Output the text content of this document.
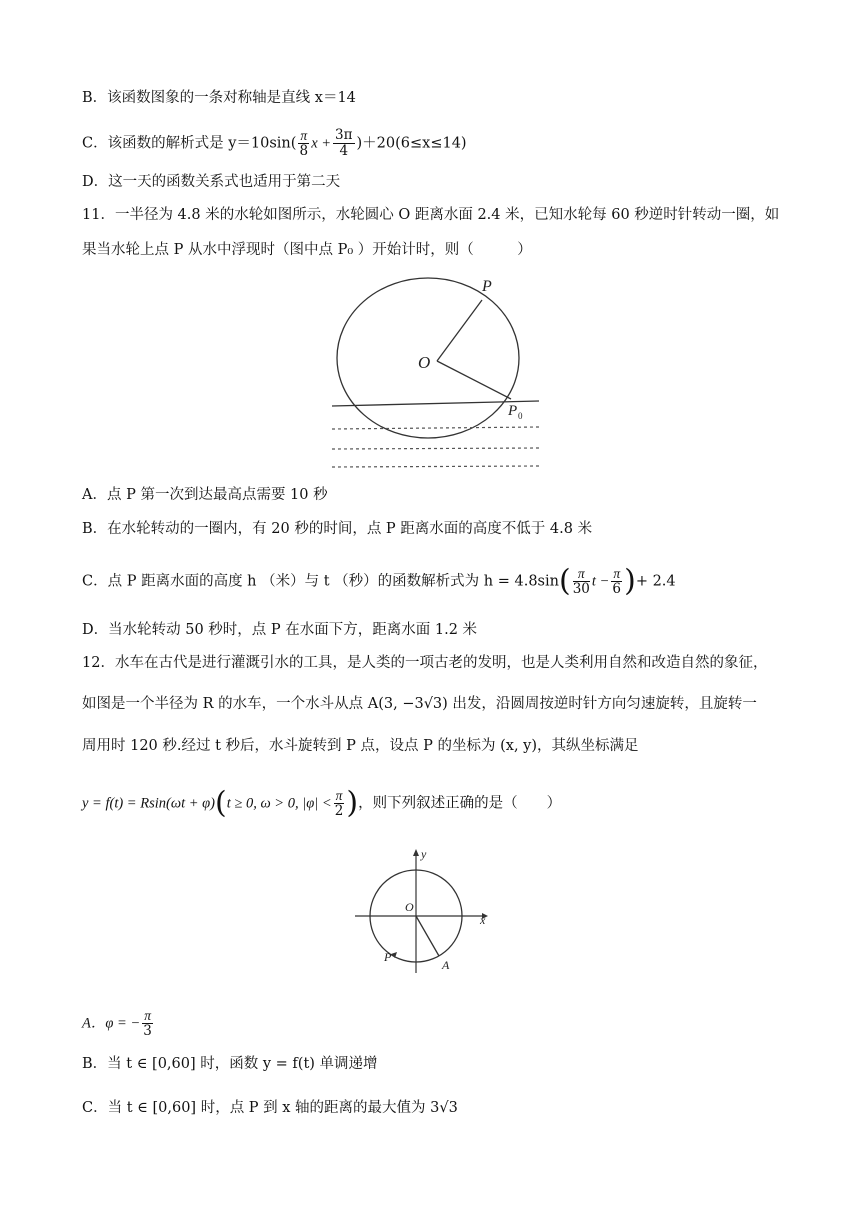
B．该函数图象的一条对称轴是直线 x＝14
C．该函数的解析式是 $y=10\sin( \frac{\pi}{8}$ $x + \frac{3\pi}{4} )+20(6\le x\le 14)$
D．这一天的函数关系式也适用于第二天
11．一半径为 4.8 米的水轮如图所示，水轮圆心 O 距离水面 2.4 米，已知水轮每 60 秒逆时针转动一圈，如
果当水轮上点 P 从水中浮现时（图中点 P₀ ）开始计时，则（　　　）
P
O
P 0
A．点 P 第一次到达最高点需要 10 秒
B．在水轮转动的一圈内，有 20 秒的时间，点 P 距离水面的高度不低于 4.8 米
C．点 P 距离水面的高度 h （米）与 t （秒）的函数解析式为 $h = 4.8\sin( \frac{\pi}{30}$ $t - \frac{\pi}{6}$ )+ 2.4
D．当水轮转动 50 秒时，点 P 在水面下方，距离水面 1.2 米
12．水车在古代是进行灌溉引水的工具，是人类的一项古老的发明，也是人类利用自然和改造自然的象征，
如图是一个半径为 R 的水车，一个水斗从点 A(3, −3√3) 出发，沿圆周按逆时针方向匀速旋转，且旋转一
周用时 120 秒.经过 t 秒后，水斗旋转到 P 点，设点 P 的坐标为 (x, y)，其纵坐标满足
y = f(t) = Rsin(ωt + φ)(t ≥ 0, ω > 0, $|\varphi| < \frac{\pi}{2}$ )，则下列叙述正确的是（　　）
y
x
O
P
A
A．φ = − $\frac{\pi}{3}$
B．当 t ∈ [0,60] 时，函数 y = f(t) 单调递增
C．当 t ∈ [0,60] 时，点 P 到 x 轴的距离的最大值为 3√3
